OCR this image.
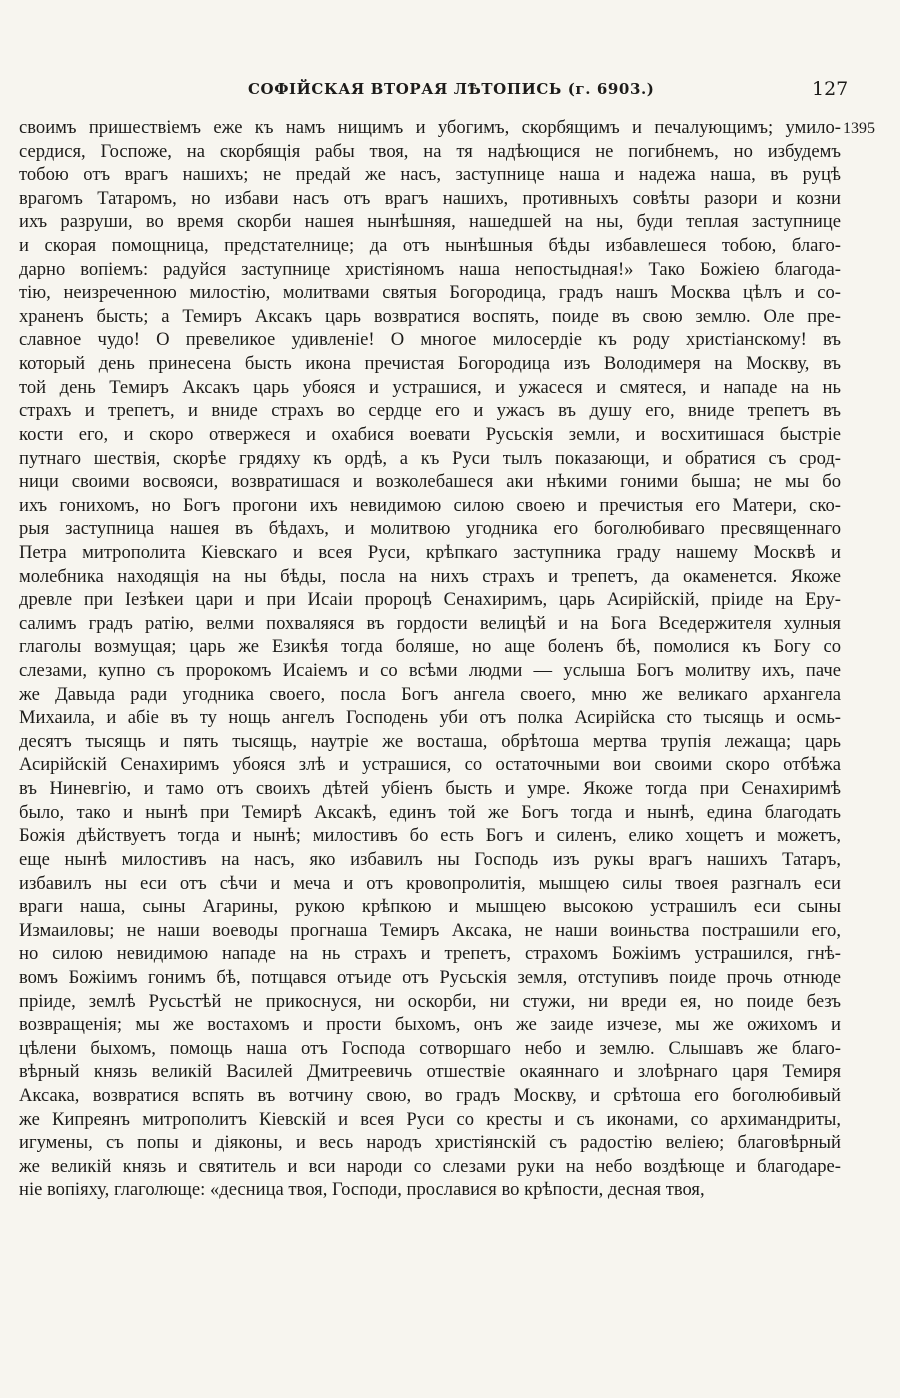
СОФІЙСКАЯ ВТОРАЯ ЛѢТОПИСЬ (г. 6903.)	127
1395
своимъ пришествіемъ еже къ намъ нищимъ и убогимъ, скорбящимъ и печалующимъ; умило-
сердися, Госпоже, на скорбящія рабы твоя, на тя надѣющися не погибнемъ, но избудемъ
тобою отъ врагъ нашихъ; не предай же насъ, заступнице наша и надежа наша, въ руцѣ
врагомъ Татаромъ, но избави насъ отъ врагъ нашихъ, противныхъ совѣты разори и козни
ихъ разруши, во время скорби нашея нынѣшняя, нашедшей на ны, буди теплая заступнице
и скорая помощница, предстателнице; да отъ нынѣшныя бѣды избавлешеся тобою, благо-
дарно вопіемъ: радуйся заступнице христіяномъ наша непостыдная!» Тако Божіею благода-
тію, неизреченною милостію, молитвами святыя Богородица, градъ нашъ Москва цѣлъ и со-
храненъ бысть; а Темиръ Аксакъ царь возвратися воспять, поиде въ свою землю. Оле пре-
славное чудо! О превеликое удивленіе! О многое милосердіе къ роду христіанскому! въ
который день принесена бысть икона пречистая Богородица изъ Володимеря на Москву, въ
той день Темиръ Аксакъ царь убояся и устрашися, и ужасеся и смятеся, и нападе на нь
страхъ и трепетъ, и вниде страхъ во сердце его и ужасъ въ душу его, вниде трепетъ въ
кости его, и скоро отвержеся и охабися воевати Русьскія земли, и восхитишася быстріе
путнаго шествія, скорѣе грядяху къ ордѣ, а къ Руси тылъ показающи, и обратися съ срод-
ници своими восвояси, возвратишася и возколебашеся аки нѣкими гоними быша; не мы бо
ихъ гонихомъ, но Богъ прогони ихъ невидимою силою своею и пречистыя его Матери, ско-
рыя заступница нашея въ бѣдахъ, и молитвою угодника его боголюбиваго пресвященнаго
Петра митрополита Кіевскаго и всея Руси, крѣпкаго заступника граду нашему Москвѣ и
молебника находящія на ны бѣды, посла на нихъ страхъ и трепетъ, да окаменется. Якоже
древле при Іезѣкеи цари и при Исаіи пророцѣ Сенахиримъ, царь Асирійскій, пріиде на Еру-
салимъ градъ ратію, велми похваляяся въ гордости велицѣй и на Бога Вседержителя хулныя
глаголы возмущая; царь же Езикѣя тогда боляше, но аще боленъ бѣ, помолися къ Богу со
слезами, купно съ пророкомъ Исаіемъ и со всѣми людми — услыша Богъ молитву ихъ, паче
же Давыда ради угодника своего, посла Богъ ангела своего, мню же великаго архангела
Михаила, и абіе въ ту нощь ангелъ Господень уби отъ полка Асирійска сто тысящь и осмь-
десятъ тысящь и пять тысящь, наутріе же восташа, обрѣтоша мертва трупія лежаща; царь
Асирійскій Сенахиримъ убояся злѣ и устрашися, со остаточными вои своими скоро отбѣжа
въ Ниневгію, и тамо отъ своихъ дѣтей убіенъ бысть и умре. Якоже тогда при Сенахиримѣ
было, тако и нынѣ при Темирѣ Аксакѣ, единъ той же Богъ тогда и нынѣ, едина благодать
Божія дѣйствуетъ тогда и нынѣ; милостивъ бо есть Богъ и силенъ, елико хощетъ и можетъ,
еще нынѣ милостивъ на насъ, яко избавилъ ны Господь изъ рукы врагъ нашихъ Татаръ,
избавилъ ны еси отъ сѣчи и меча и отъ кровопролитія, мышцею силы твоея разгналъ еси
враги наша, сыны Агарины, рукою крѣпкою и мышцею высокою устрашилъ еси сыны
Измаиловы; не наши воеводы прогнаша Темиръ Аксака, не наши воиньства пострашили его,
но силою невидимою нападе на нь страхъ и трепетъ, страхомъ Божіимъ устрашился, гнѣ-
вомъ Божіимъ гонимъ бѣ, потщався отъиде отъ Русьскія земля, отступивъ поиде прочь отнюде
пріиде, землѣ Русьстѣй не прикоснуся, ни оскорби, ни стужи, ни вреди ея, но поиде безъ
возвращенія; мы же востахомъ и прости быхомъ, онъ же заиде изчезе, мы же ожихомъ и
цѣлени быхомъ, помощь наша отъ Господа сотворшаго небо и землю. Слышавъ же благо-
вѣрный князь великій Василей Дмитреевичь отшествіе окаяннаго и злоѣрнаго царя Темиря
Аксака, возвратися вспять въ вотчину свою, во градъ Москву, и срѣтоша его боголюбивый
же Кипреянъ митрополитъ Кіевскій и всея Руси со кресты и съ иконами, со архимандриты,
игумены, съ попы и діяконы, и весь народъ христіянскій съ радостію веліею; благовѣрный
же великій князь и святитель и вси народи со слезами руки на небо воздѣюще и благодаре-
ніе вопіяху, глаголюще: «десница твоя, Господи, прославися во крѣпости, десная твоя,
